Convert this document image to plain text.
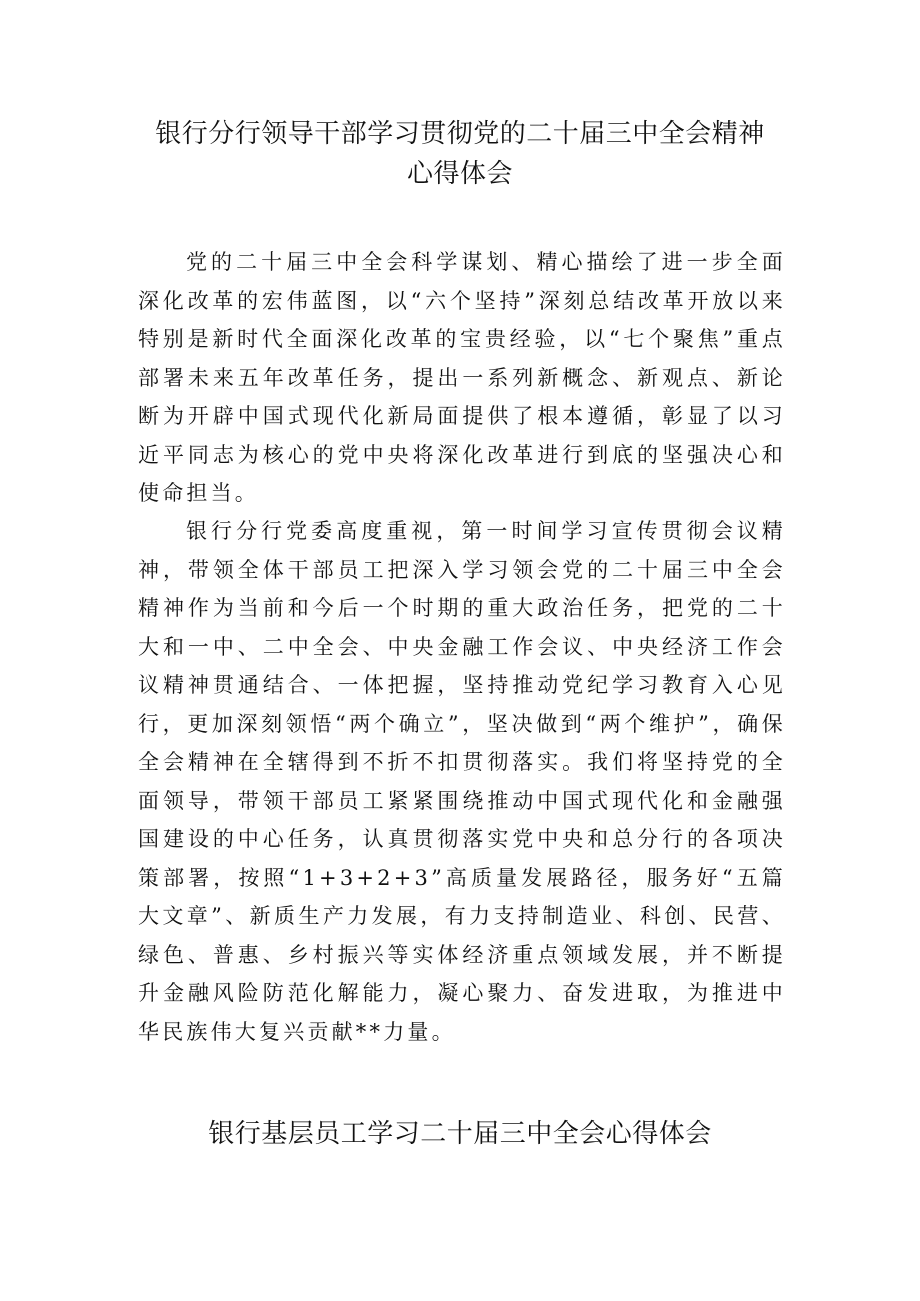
银行分行领导干部学习贯彻党的二十届三中全会精神
心得体会

党的二十届三中全会科学谋划、精心描绘了进一步全面深化改革的宏伟蓝图，以“六个坚持”深刻总结改革开放以来特别是新时代全面深化改革的宝贵经验，以“七个聚焦”重点部署未来五年改革任务，提出一系列新概念、新观点、新论断为开辟中国式现代化新局面提供了根本遵循，彰显了以习近平同志为核心的党中央将深化改革进行到底的坚强决心和使命担当。

银行分行党委高度重视，第一时间学习宣传贯彻会议精神，带领全体干部员工把深入学习领会党的二十届三中全会精神作为当前和今后一个时期的重大政治任务，把党的二十大和一中、二中全会、中央金融工作会议、中央经济工作会议精神贯通结合、一体把握，坚持推动党纪学习教育入心见行，更加深刻领悟“两个确立”，坚决做到“两个维护”，确保全会精神在全辖得到不折不扣贯彻落实。我们将坚持党的全面领导，带领干部员工紧紧围绕推动中国式现代化和金融强国建设的中心任务，认真贯彻落实党中央和总分行的各项决策部署，按照“1+3+2+3”高质量发展路径，服务好“五篇大文章”、新质生产力发展，有力支持制造业、科创、民营、绿色、普惠、乡村振兴等实体经济重点领域发展，并不断提升金融风险防范化解能力，凝心聚力、奋发进取，为推进中华民族伟大复兴贡献**力量。

银行基层员工学习二十届三中全会心得体会
